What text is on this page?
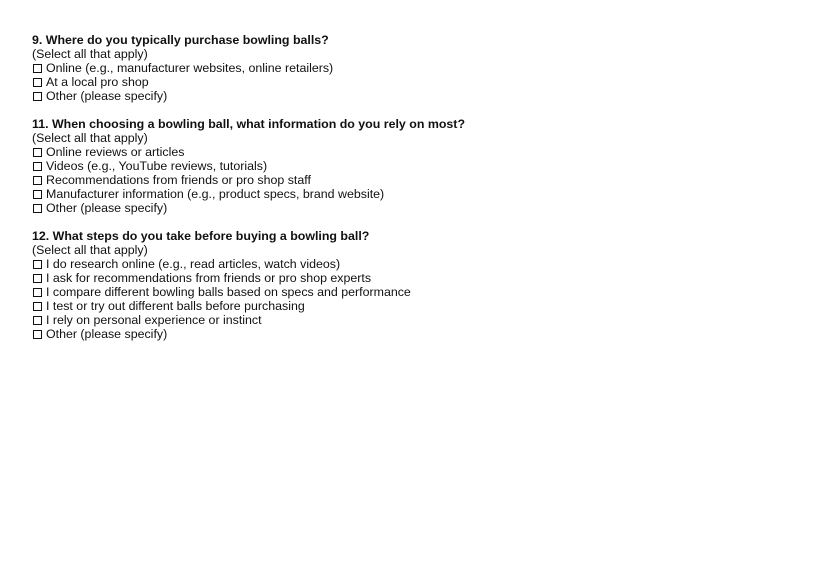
9. Where do you typically purchase bowling balls?
(Select all that apply)
Online (e.g., manufacturer websites, online retailers)
At a local pro shop
Other (please specify)
11. When choosing a bowling ball, what information do you rely on most?
(Select all that apply)
Online reviews or articles
Videos (e.g., YouTube reviews, tutorials)
Recommendations from friends or pro shop staff
Manufacturer information (e.g., product specs, brand website)
Other (please specify)
12. What steps do you take before buying a bowling ball?
(Select all that apply)
I do research online (e.g., read articles, watch videos)
I ask for recommendations from friends or pro shop experts
I compare different bowling balls based on specs and performance
I test or try out different balls before purchasing
I rely on personal experience or instinct
Other (please specify)
